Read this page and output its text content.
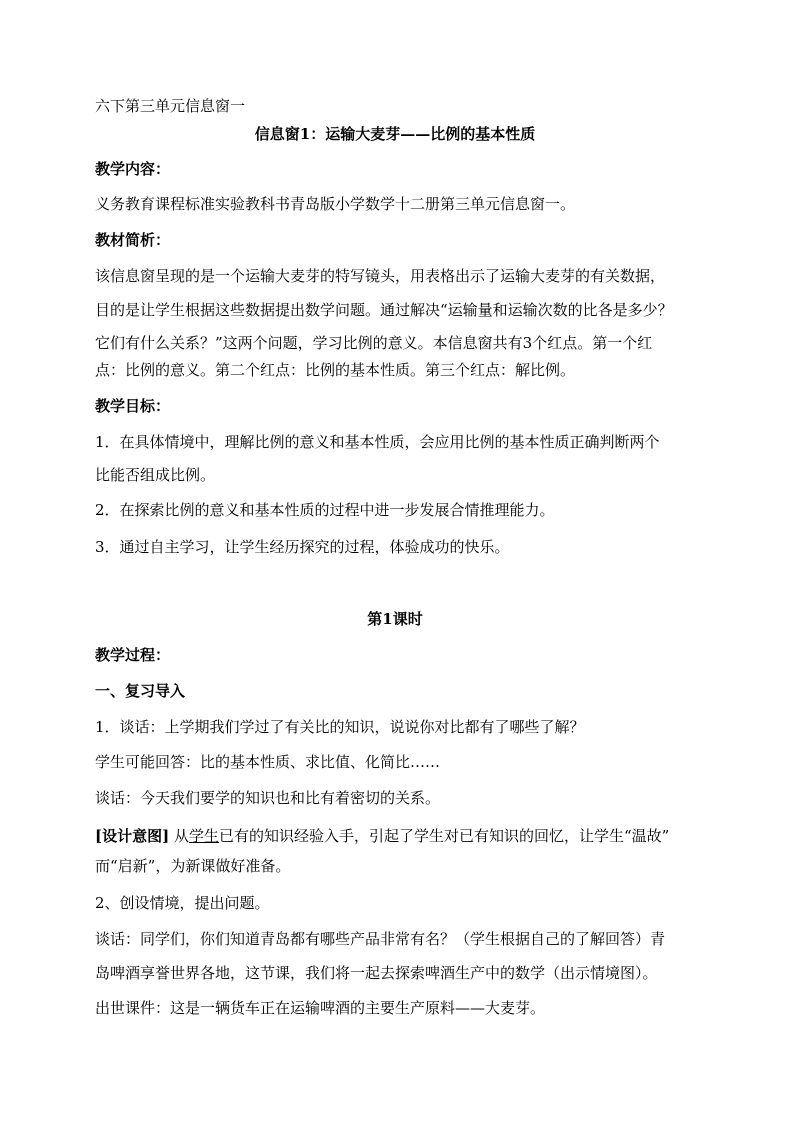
六下第三单元信息窗一
信息窗1：运输大麦芽——比例的基本性质
教学内容：
义务教育课程标准实验教科书青岛版小学数学十二册第三单元信息窗一。
教材简析：
该信息窗呈现的是一个运输大麦芽的特写镜头，用表格出示了运输大麦芽的有关数据，
目的是让学生根据这些数据提出数学问题。通过解决“运输量和运输次数的比各是多少？
它们有什么关系？”这两个问题，学习比例的意义。本信息窗共有3个红点。第一个红
点：比例的意义。第二个红点：比例的基本性质。第三个红点：解比例。
教学目标：
1．在具体情境中，理解比例的意义和基本性质，会应用比例的基本性质正确判断两个
比能否组成比例。
2．在探索比例的意义和基本性质的过程中进一步发展合情推理能力。
3．通过自主学习，让学生经历探究的过程，体验成功的快乐。
第1课时
教学过程：
一、复习导入
1．谈话：上学期我们学过了有关比的知识，说说你对比都有了哪些了解？
学生可能回答：比的基本性质、求比值、化简比……
谈话：今天我们要学的知识也和比有着密切的关系。
[设计意图] 从学生已有的知识经验入手，引起了学生对已有知识的回忆，让学生“温故”
而“启新”，为新课做好准备。
2、创设情境，提出问题。
谈话：同学们，你们知道青岛都有哪些产品非常有名？（学生根据自己的了解回答）青
岛啤酒享誉世界各地，这节课，我们将一起去探索啤酒生产中的数学（出示情境图）。
出世课件：这是一辆货车正在运输啤酒的主要生产原料——大麦芽。
